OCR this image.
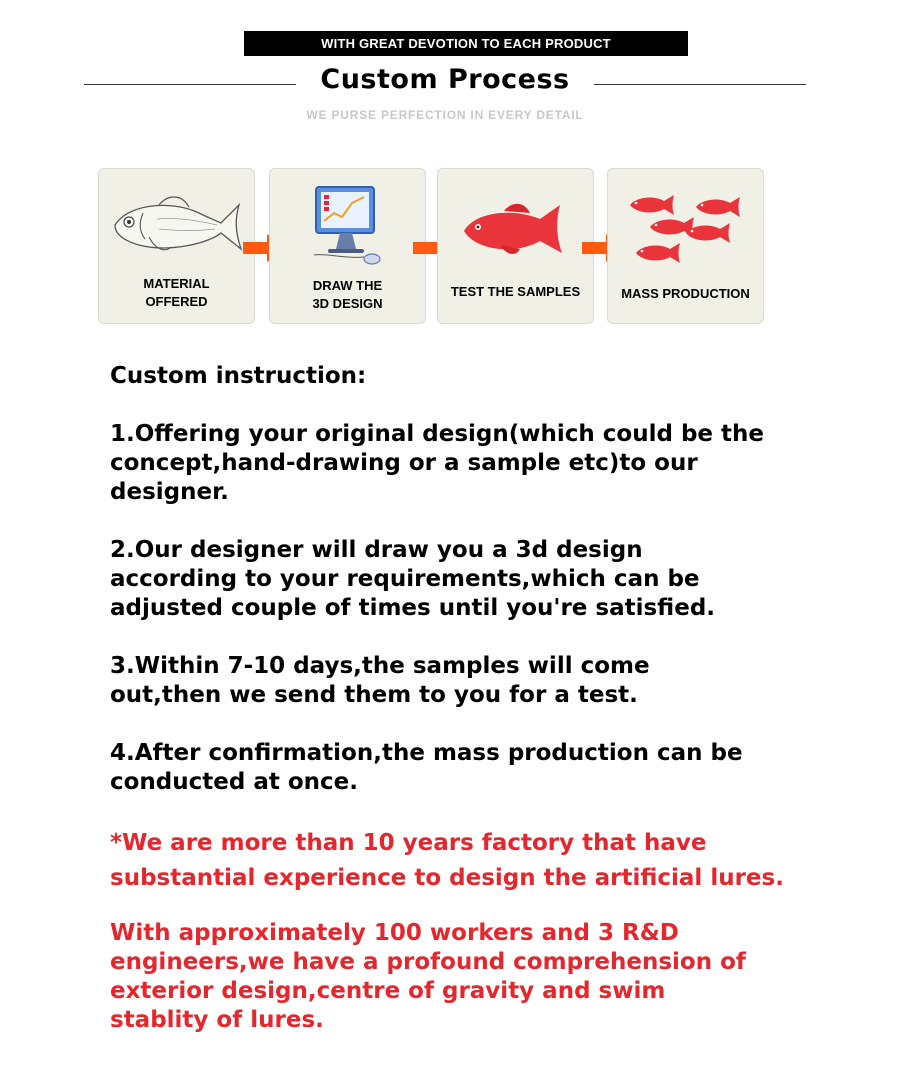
WITH GREAT DEVOTION TO EACH PRODUCT
Custom Process
WE PURSE PERFECTION IN EVERY DETAIL
MATERIAL
OFFERED
DRAW THE
3D DESIGN
TEST THE SAMPLES	MASS PRODUCTION

Custom instruction:

1.Offering your original design(which could be the
concept,hand-drawing or a sample etc)to our
designer.

2.Our designer will draw you a 3d design
according to your requirements,which can be
adjusted couple of times until you're satisfied.

3.Within 7-10 days,the samples will come
out,then we send them to you for a test.

4.After confirmation,the mass production can be
conducted at once.

*We are more than 10 years factory that have
substantial experience to design the artificial lures.

With approximately 100 workers and 3 R&D
engineers,we have a profound comprehension of
exterior design,centre of gravity and swim
stablity of lures.
